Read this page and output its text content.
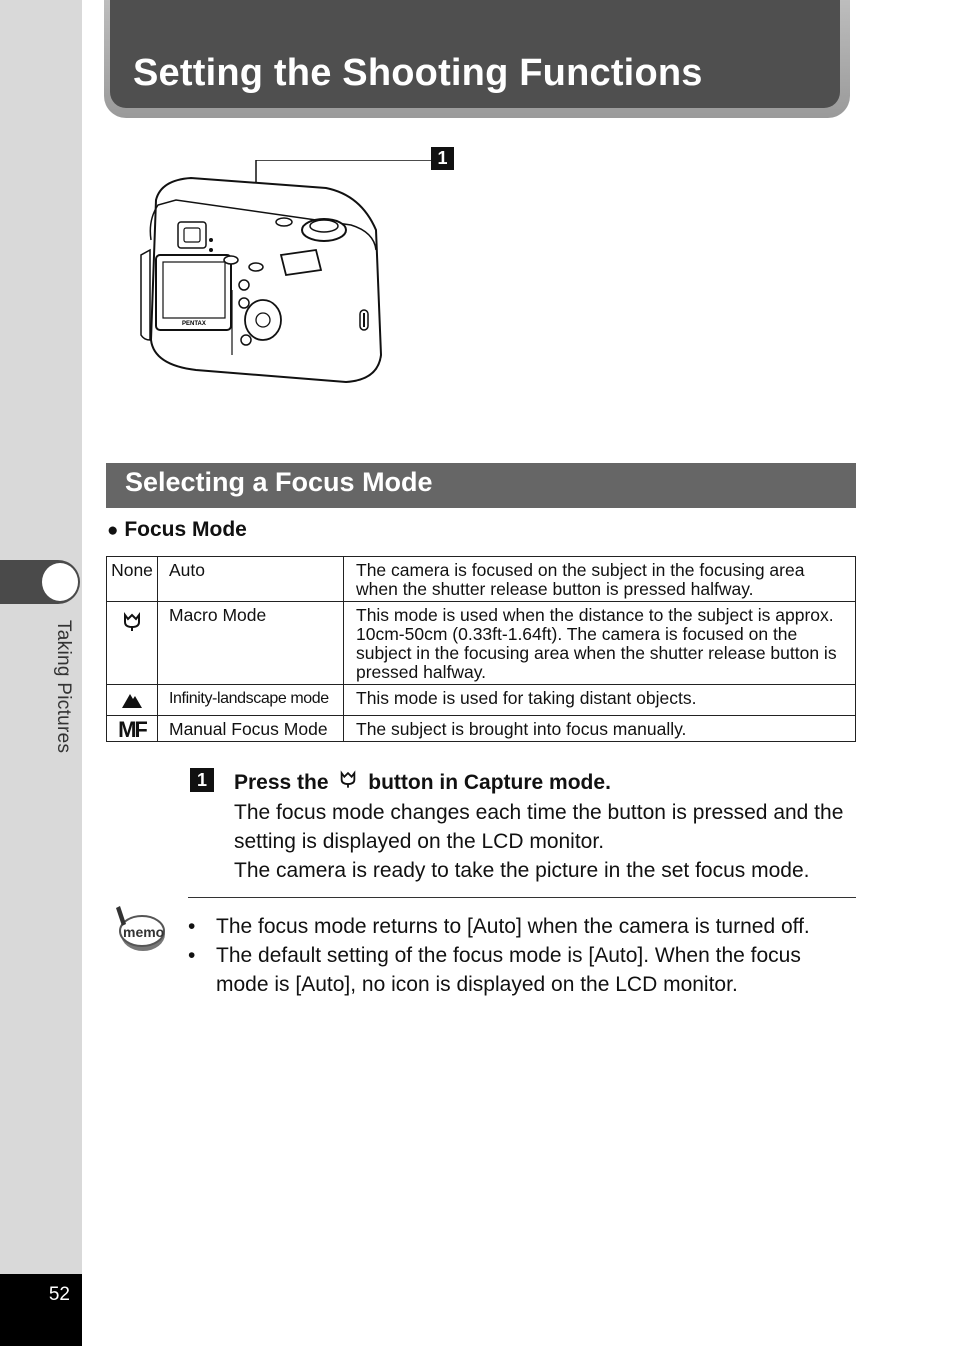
Taking Pictures
52
Setting the Shooting Functions
1
PENTAX
Selecting a Focus Mode
● Focus Mode
None	Auto	The camera is focused on the subject in the focusing area when the shutter release button is pressed halfway.
	Macro Mode	This mode is used when the distance to the subject is approx. 10cm-50cm (0.33ft-1.64ft). The camera is focused on the subject in the focusing area when the shutter release button is pressed halfway.
	Infinity-landscape mode	This mode is used for taking distant objects.
MF	Manual Focus Mode	The subject is brought into focus manually.
1	Press the button in Capture mode.

The focus mode changes each time the button is pressed and the setting is displayed on the LCD monitor.

The camera is ready to take the picture in the set focus mode.

memo • The focus mode returns to [Auto] when the camera is turned off.
• The default setting of the focus mode is [Auto]. When the focus mode is [Auto], no icon is displayed on the LCD monitor.
